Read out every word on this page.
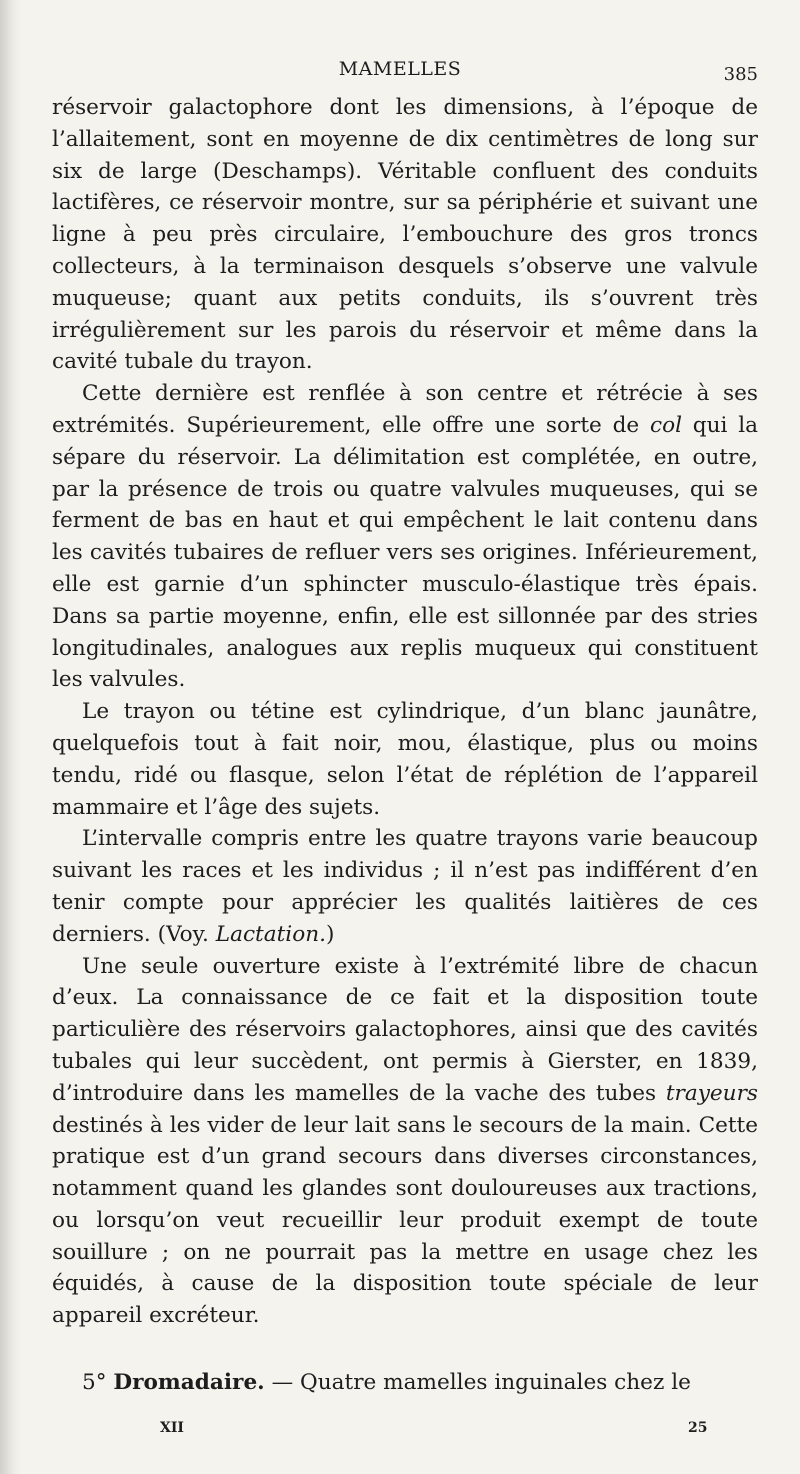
MAMELLES	385

réservoir galactophore dont les dimensions, à l’époque de l’allaitement, sont en moyenne de dix centimètres de long sur six de large (Deschamps). Véritable confluent des conduits lactifères, ce réservoir montre, sur sa périphérie et suivant une ligne à peu près circulaire, l’embouchure des gros troncs collecteurs, à la terminaison desquels s’observe une valvule muqueuse; quant aux petits conduits, ils s’ouvrent très irrégulièrement sur les parois du réservoir et même dans la cavité tubale du trayon.

Cette dernière est renflée à son centre et rétrécie à ses extrémités. Supérieurement, elle offre une sorte de col qui la sépare du réservoir. La délimitation est complétée, en outre, par la présence de trois ou quatre valvules muqueuses, qui se ferment de bas en haut et qui empêchent le lait contenu dans les cavités tubaires de refluer vers ses origines. Inférieurement, elle est garnie d’un sphincter musculo-élastique très épais. Dans sa partie moyenne, enfin, elle est sillonnée par des stries longitudinales, analogues aux replis muqueux qui constituent les valvules.

Le trayon ou tétine est cylindrique, d’un blanc jaunâtre, quelquefois tout à fait noir, mou, élastique, plus ou moins tendu, ridé ou flasque, selon l’état de réplétion de l’appareil mammaire et l’âge des sujets.

L’intervalle compris entre les quatre trayons varie beaucoup suivant les races et les individus ; il n’est pas indifférent d’en tenir compte pour apprécier les qualités laitières de ces derniers. (Voy. Lactation.)

Une seule ouverture existe à l’extrémité libre de chacun d’eux. La connaissance de ce fait et la disposition toute particulière des réservoirs galactophores, ainsi que des cavités tubales qui leur succèdent, ont permis à Gierster, en 1839, d’introduire dans les mamelles de la vache des tubes trayeurs destinés à les vider de leur lait sans le secours de la main. Cette pratique est d’un grand secours dans diverses circonstances, notamment quand les glandes sont douloureuses aux tractions, ou lorsqu’on veut recueillir leur produit exempt de toute souillure ; on ne pourrait pas la mettre en usage chez les équidés, à cause de la disposition toute spéciale de leur appareil excréteur.

5° Dromadaire. — Quatre mamelles inguinales chez le

XII	25
